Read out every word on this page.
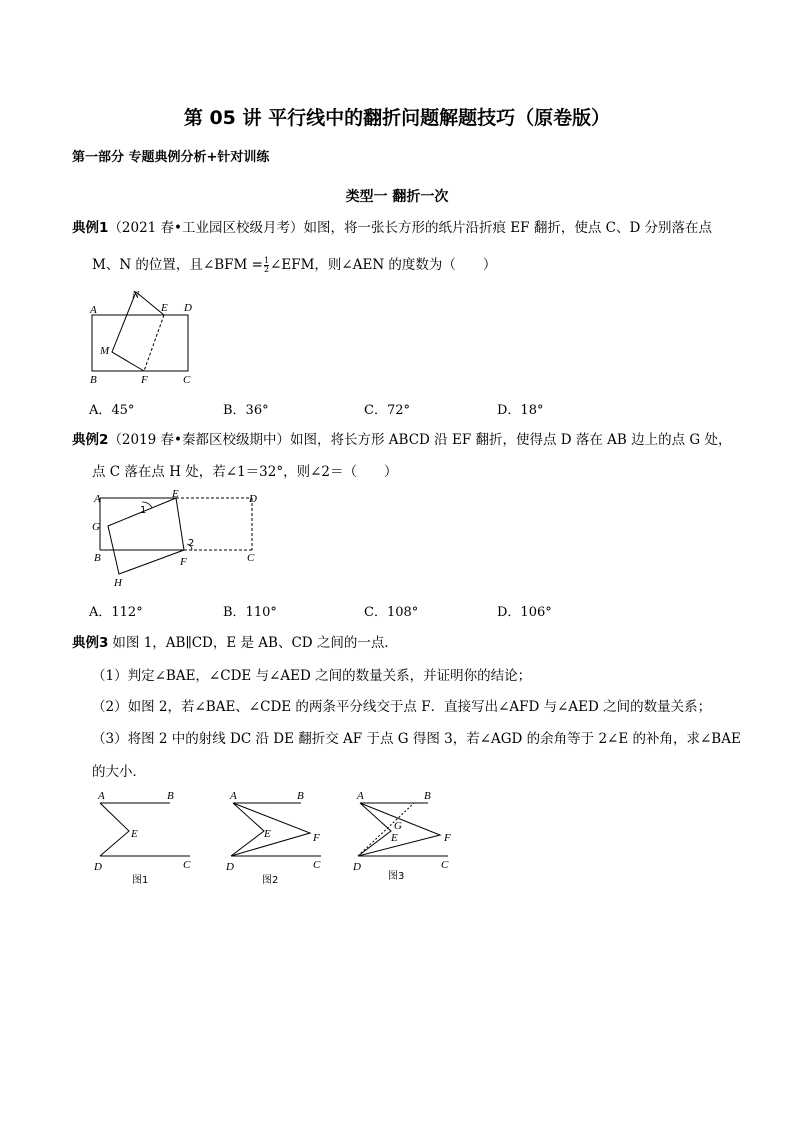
第 05 讲 平行线中的翻折问题解题技巧（原卷版）
第一部分 专题典例分析+针对训练
类型一 翻折一次
典例1（2021 春•工业园区校级月考）如图，将一张长方形的纸片沿折痕 EF 翻折，使点 C、D 分别落在点
M、N 的位置，且∠BFM = $\frac{1}{2}$ ∠EFM，则∠AEN 的度数为（　　）
A
N
E D
M
B	F	C
A．45°	B．36°	C．72°	D．18°
典例2（2019 春•秦都区校级期中）如图，将长方形 ABCD 沿 EF 翻折，使得点 D 落在 AB 边上的点 G 处，
点 C 落在点 H 处，若∠1＝32°，则∠2＝（　　）
A	E	D
G
1
B	F
2
C
H
A．112°	B．110°	C．108°	D．106°
典例3 如图 1，AB∥CD，E 是 AB、CD 之间的一点．
（1）判定∠BAE，∠CDE 与∠AED 之间的数量关系，并证明你的结论；
（2）如图 2，若∠BAE、∠CDE 的两条平分线交于点 F．直接写出∠AFD 与∠AED 之间的数量关系；
（3）将图 2 中的射线 DC 沿 DE 翻折交 AF 于点 G 得图 3，若∠AGD 的余角等于 2∠E 的补角，求∠BAE
的大小．
A	B
E
D	C
图1
A	B
E	F
D	C
图2
A	B
G
E	F
D	C
图3
